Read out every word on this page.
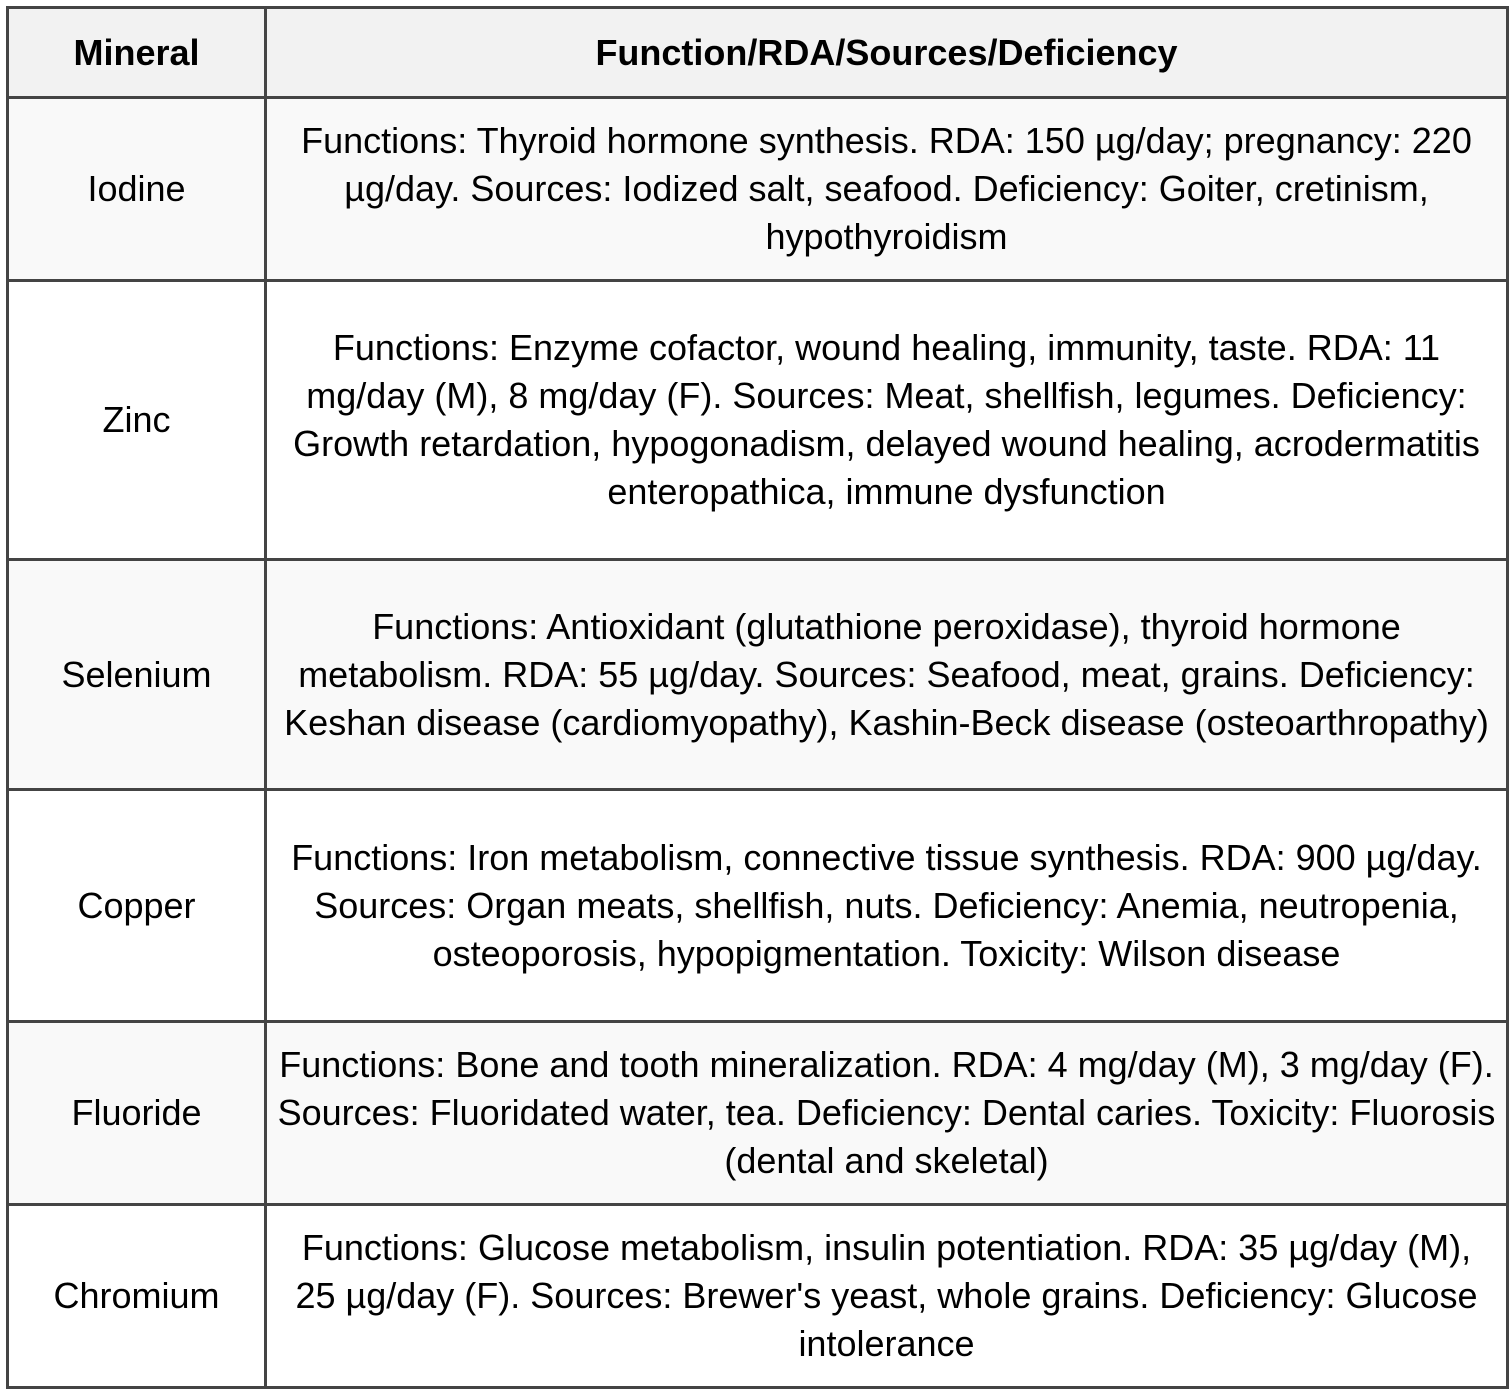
Mineral	Function/RDA/Sources/Deficiency
Iodine	Functions: Thyroid hormone synthesis. RDA: 150 µg/day; pregnancy: 220 µg/day. Sources: Iodized salt, seafood. Deficiency: Goiter, cretinism, hypothyroidism
Zinc	Functions: Enzyme cofactor, wound healing, immunity, taste. RDA: 11 mg/day (M), 8 mg/day (F). Sources: Meat, shellfish, legumes. Deficiency: Growth retardation, hypogonadism, delayed wound healing, acrodermatitis enteropathica, immune dysfunction
Selenium	Functions: Antioxidant (glutathione peroxidase), thyroid hormone metabolism. RDA: 55 µg/day. Sources: Seafood, meat, grains. Deficiency: Keshan disease (cardiomyopathy), Kashin-Beck disease (osteoarthropathy)
Copper	Functions: Iron metabolism, connective tissue synthesis. RDA: 900 µg/day. Sources: Organ meats, shellfish, nuts. Deficiency: Anemia, neutropenia, osteoporosis, hypopigmentation. Toxicity: Wilson disease
Fluoride	Functions: Bone and tooth mineralization. RDA: 4 mg/day (M), 3 mg/day (F). Sources: Fluoridated water, tea. Deficiency: Dental caries. Toxicity: Fluorosis (dental and skeletal)
Chromium	Functions: Glucose metabolism, insulin potentiation. RDA: 35 µg/day (M), 25 µg/day (F). Sources: Brewer's yeast, whole grains. Deficiency: Glucose intolerance
